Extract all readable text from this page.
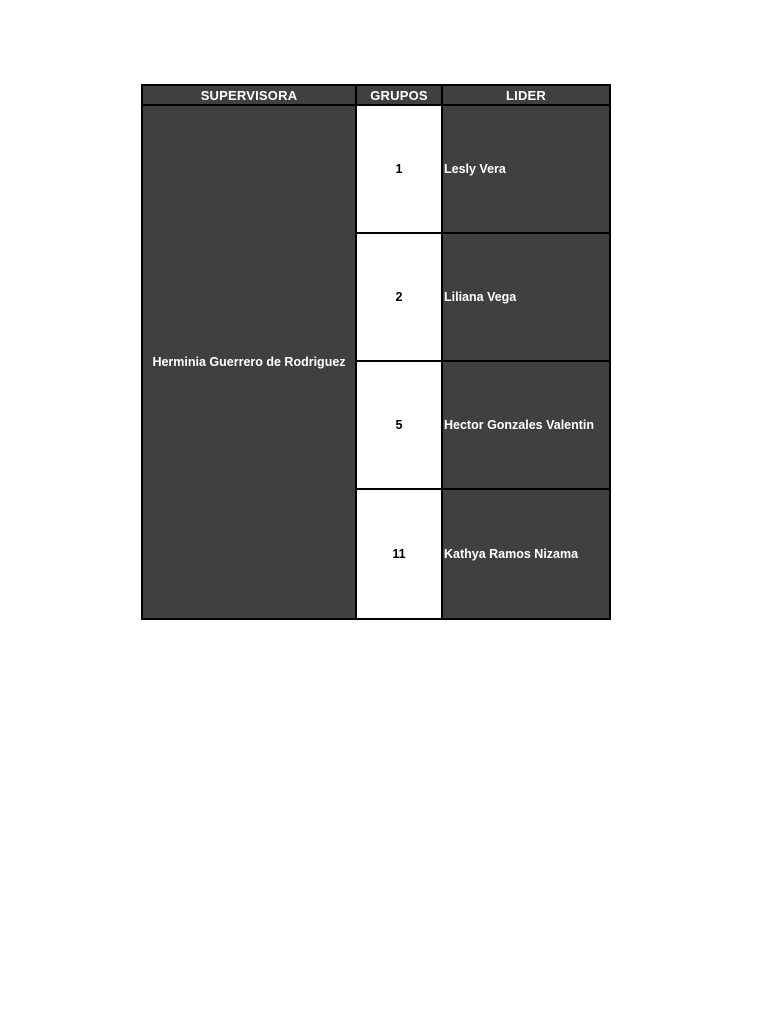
SUPERVISORA	GRUPOS	LIDER
Herminia Guerrero de Rodriguez
1	Lesly Vera
2	Liliana Vega
5	Hector Gonzales Valentin
11	Kathya Ramos Nizama
